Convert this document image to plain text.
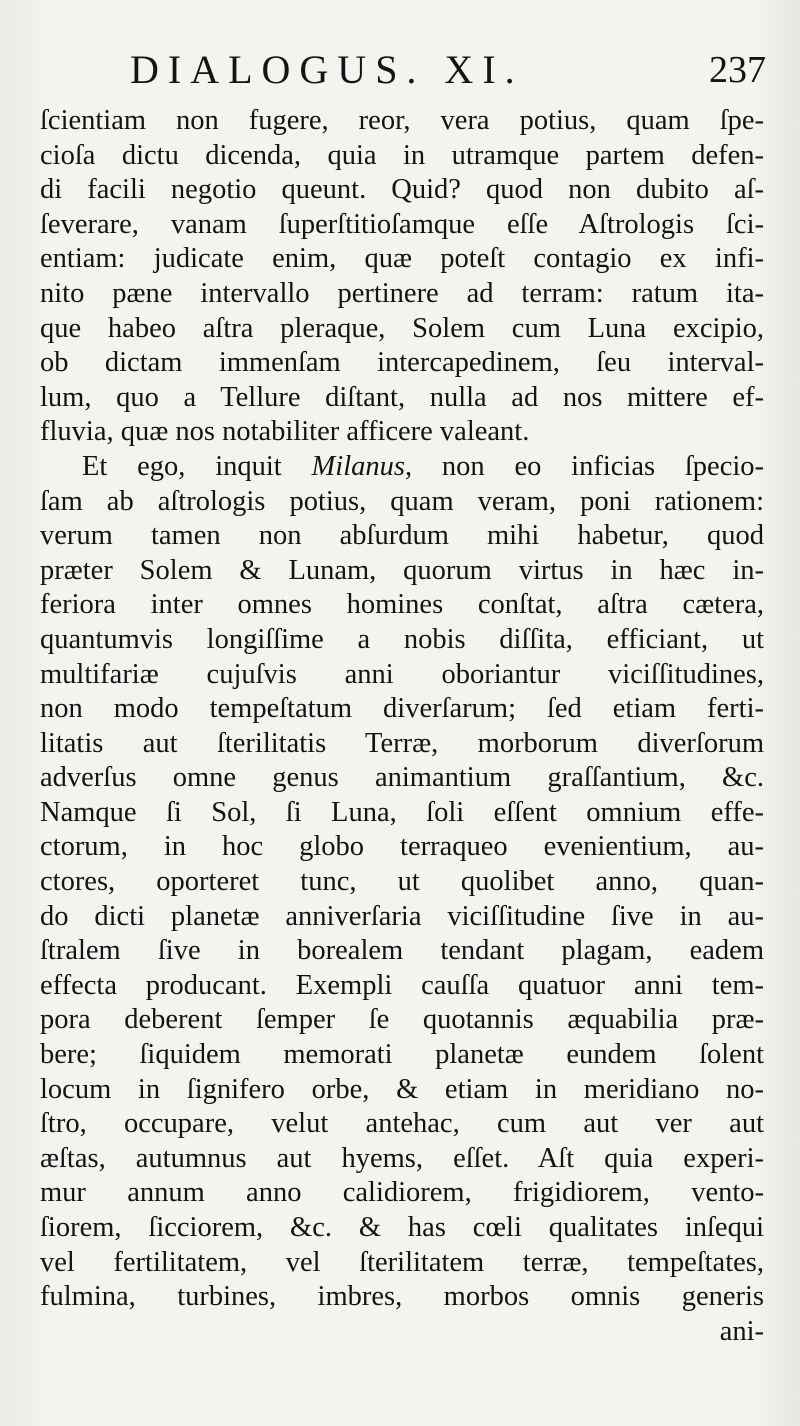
DIALOGUS. XI.	237
ſcientiam non fugere, reor, vera potius, quam ſpe-
cioſa dictu dicenda, quia in utramque partem defen-
di facili negotio queunt. Quid? quod non dubito aſ-
ſeverare, vanam ſuperſtitioſamque eſſe Aſtrologis ſci-
entiam: judicate enim, quæ poteſt contagio ex infi-
nito pæne intervallo pertinere ad terram: ratum ita-
que habeo aſtra pleraque, Solem cum Luna excipio,
ob dictam immenſam intercapedinem, ſeu interval-
lum, quo a Tellure diſtant, nulla ad nos mittere ef-
fluvia, quæ nos notabiliter afficere valeant.
Et ego, inquit Milanus, non eo inficias ſpecio-
ſam ab aſtrologis potius, quam veram, poni rationem:
verum tamen non abſurdum mihi habetur, quod
præter Solem & Lunam, quorum virtus in hæc in-
feriora inter omnes homines conſtat, aſtra cætera,
quantumvis longiſſime a nobis diſſita, efficiant, ut
multifariæ cujuſvis anni oboriantur viciſſitudines,
non modo tempeſtatum diverſarum; ſed etiam ferti-
litatis aut ſterilitatis Terræ, morborum diverſorum
adverſus omne genus animantium graſſantium, &c.
Namque ſi Sol, ſi Luna, ſoli eſſent omnium effe-
ctorum, in hoc globo terraqueo evenientium, au-
ctores, oporteret tunc, ut quolibet anno, quan-
do dicti planetæ anniverſaria viciſſitudine ſive in au-
ſtralem ſive in borealem tendant plagam, eadem
effecta producant. Exempli cauſſa quatuor anni tem-
pora deberent ſemper ſe quotannis æquabilia præ-
bere; ſiquidem memorati planetæ eundem ſolent
locum in ſignifero orbe, & etiam in meridiano no-
ſtro, occupare, velut antehac, cum aut ver aut
æſtas, autumnus aut hyems, eſſet. Aſt quia experi-
mur annum anno calidiorem, frigidiorem, vento-
ſiorem, ſicciorem, &c. & has cœli qualitates inſequi
vel fertilitatem, vel ſterilitatem terræ, tempeſtates,
fulmina, turbines, imbres, morbos omnis generis
ani-
